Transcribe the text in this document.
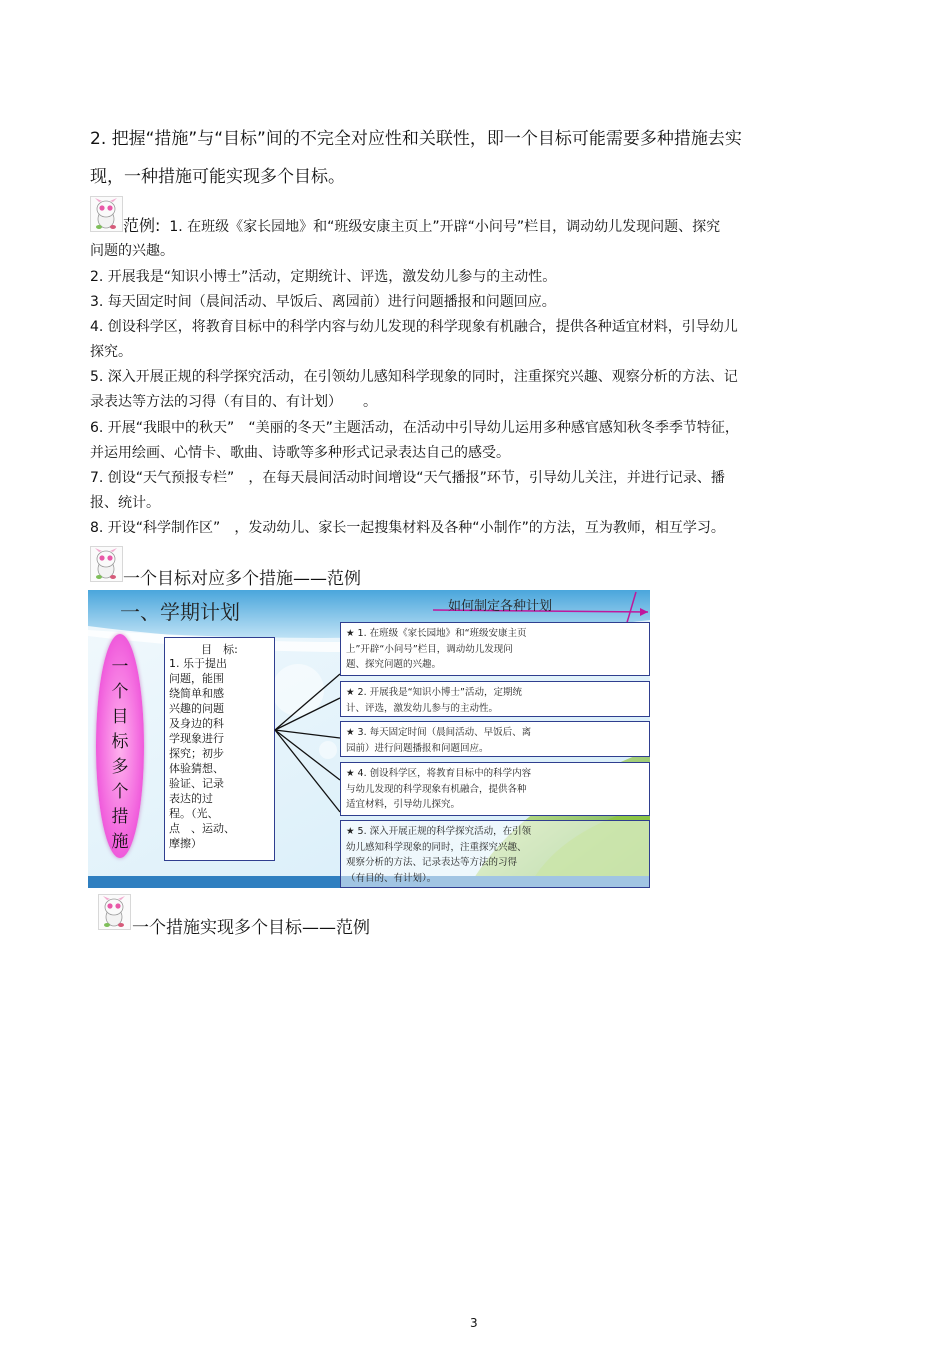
2. 把握“措施”与“目标”间的不完全对应性和关联性，即一个目标可能需要多种措施去实
现，一种措施可能实现多个目标。
范例: 1. 在班级《家长园地》和“班级安康主页上”开辟“小问号”栏目，调动幼儿发现问题、探究
问题的兴趣。
2. 开展我是“知识小博士”活动，定期统计、评选，激发幼儿参与的主动性。
3. 每天固定时间（晨间活动、早饭后、离园前）进行问题播报和问题回应。
4. 创设科学区，将教育目标中的科学内容与幼儿发现的科学现象有机融合，提供各种适宜材料，引导幼儿
探究。
5. 深入开展正规的科学探究活动，在引领幼儿感知科学现象的同时，注重探究兴趣、观察分析的方法、记
录表达等方法的习得（有目的、有计划）　　。
6. 开展“我眼中的秋天”　“美丽的冬天”主题活动，在活动中引导幼儿运用多种感官感知秋冬季季节特征，
并运用绘画、心情卡、歌曲、诗歌等多种形式记录表达自己的感受。
7. 创设“天气预报专栏”　，在每天晨间活动时间增设“天气播报”环节，引导幼儿关注，并进行记录、播
报、统计。
8. 开设“科学制作区”　，发动幼儿、家长一起搜集材料及各种“小制作”的方法，互为教师，相互学习。
一个目标对应多个措施——范例
一、学期计划	如何制定各种计划
一
个
目
标
多
个
措
施
目　标:
1. 乐于提出
问题，能围
绕简单和感
兴趣的问题
及身边的科
学现象进行
探究；初步
体验猜想、
验证、记录
表达的过
程。（光、
点　、运动、
摩擦）
★ 1. 在班级《家长园地》和“班级安康主页
上”开辟“小问号”栏目，调动幼儿发现问
题、探究问题的兴趣。
★ 2. 开展我是“知识小博士”活动，定期统
计、评选，激发幼儿参与的主动性。
★ 3. 每天固定时间（晨间活动、早饭后、离
园前）进行问题播报和问题回应。
★ 4. 创设科学区，将教育目标中的科学内容
与幼儿发现的科学现象有机融合，提供各种
适宜材料，引导幼儿探究。
★ 5. 深入开展正规的科学探究活动，在引领
幼儿感知科学现象的同时，注重探究兴趣、
观察分析的方法、记录表达等方法的习得
（有目的、有计划）。
一个措施实现多个目标——范例
3
